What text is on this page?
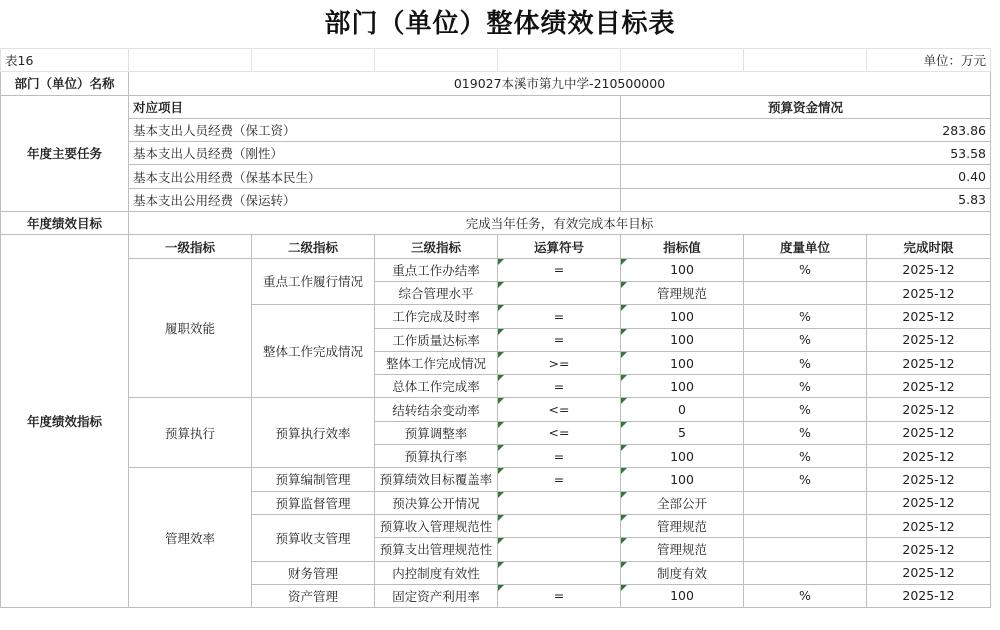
部门（单位）整体绩效目标表
表16							单位：万元
部门（单位）名称	019027本溪市第九中学-210500000						
年度主要任务	对应项目				预算资金情况		
	基本支出人员经费（保工资）				283.86		
	基本支出人员经费（刚性）				53.58		
	基本支出公用经费（保基本民生）				0.40		
	基本支出公用经费（保运转）				5.83		
年度绩效目标	完成当年任务，有效完成本年目标						
年度绩效指标	一级指标	二级指标	三级指标	运算符号	指标值	度量单位	完成时限
	履职效能	重点工作履行情况	重点工作办结率	=	100	%	2025-12
			综合管理水平		管理规范		2025-12
		整体工作完成情况	工作完成及时率	=	100	%	2025-12
			工作质量达标率	=	100	%	2025-12
			整体工作完成情况	>=	100	%	2025-12
			总体工作完成率	=	100	%	2025-12
	预算执行	预算执行效率	结转结余变动率	<=	0	%	2025-12
			预算调整率	<=	5	%	2025-12
			预算执行率	=	100	%	2025-12
	管理效率	预算编制管理	预算绩效目标覆盖率	=	100	%	2025-12
		预算监督管理	预决算公开情况		全部公开		2025-12
		预算收支管理	预算收入管理规范性		管理规范		2025-12
			预算支出管理规范性		管理规范		2025-12
		财务管理	内控制度有效性		制度有效		2025-12
		资产管理	固定资产利用率	=	100	%	2025-12
